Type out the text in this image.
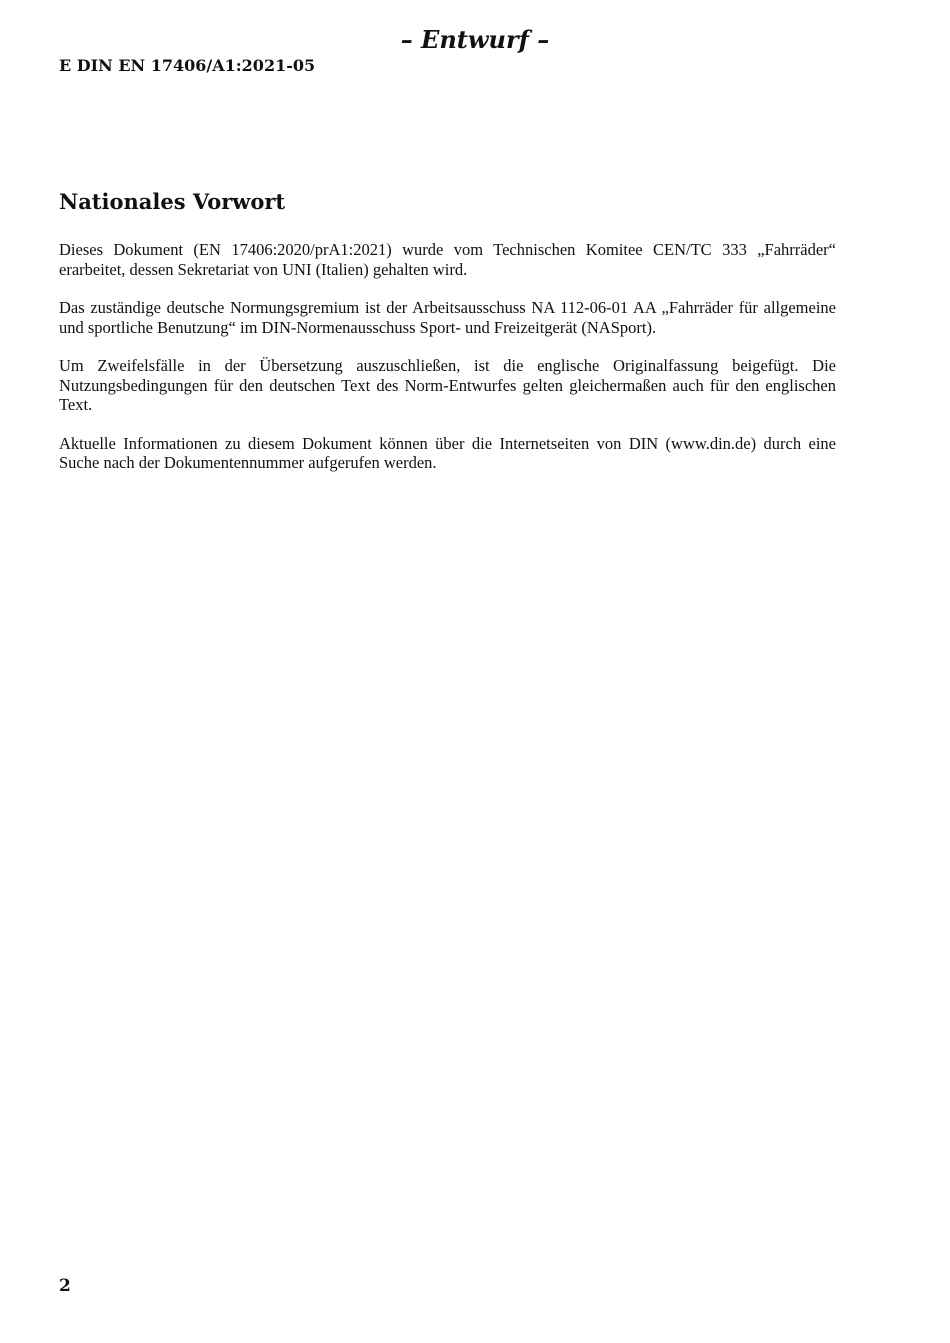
– Entwurf –
E DIN EN 17406/A1:2021-05
Nationales Vorwort

Dieses Dokument (EN 17406:2020/prA1:2021) wurde vom Technischen Komitee CEN/TC 333 „Fahrräder“ erarbeitet, dessen Sekretariat von UNI (Italien) gehalten wird.

Das zuständige deutsche Normungsgremium ist der Arbeitsausschuss NA 112-06-01 AA „Fahrräder für allgemeine und sportliche Benutzung“ im DIN-Normenausschuss Sport- und Freizeitgerät (NASport).

Um Zweifelsfälle in der Übersetzung auszuschließen, ist die englische Originalfassung beigefügt. Die Nutzungsbedingungen für den deutschen Text des Norm-Entwurfes gelten gleichermaßen auch für den englischen Text.

Aktuelle Informationen zu diesem Dokument können über die Internetseiten von DIN (www.din.de) durch eine Suche nach der Dokumentennummer aufgerufen werden.

2
